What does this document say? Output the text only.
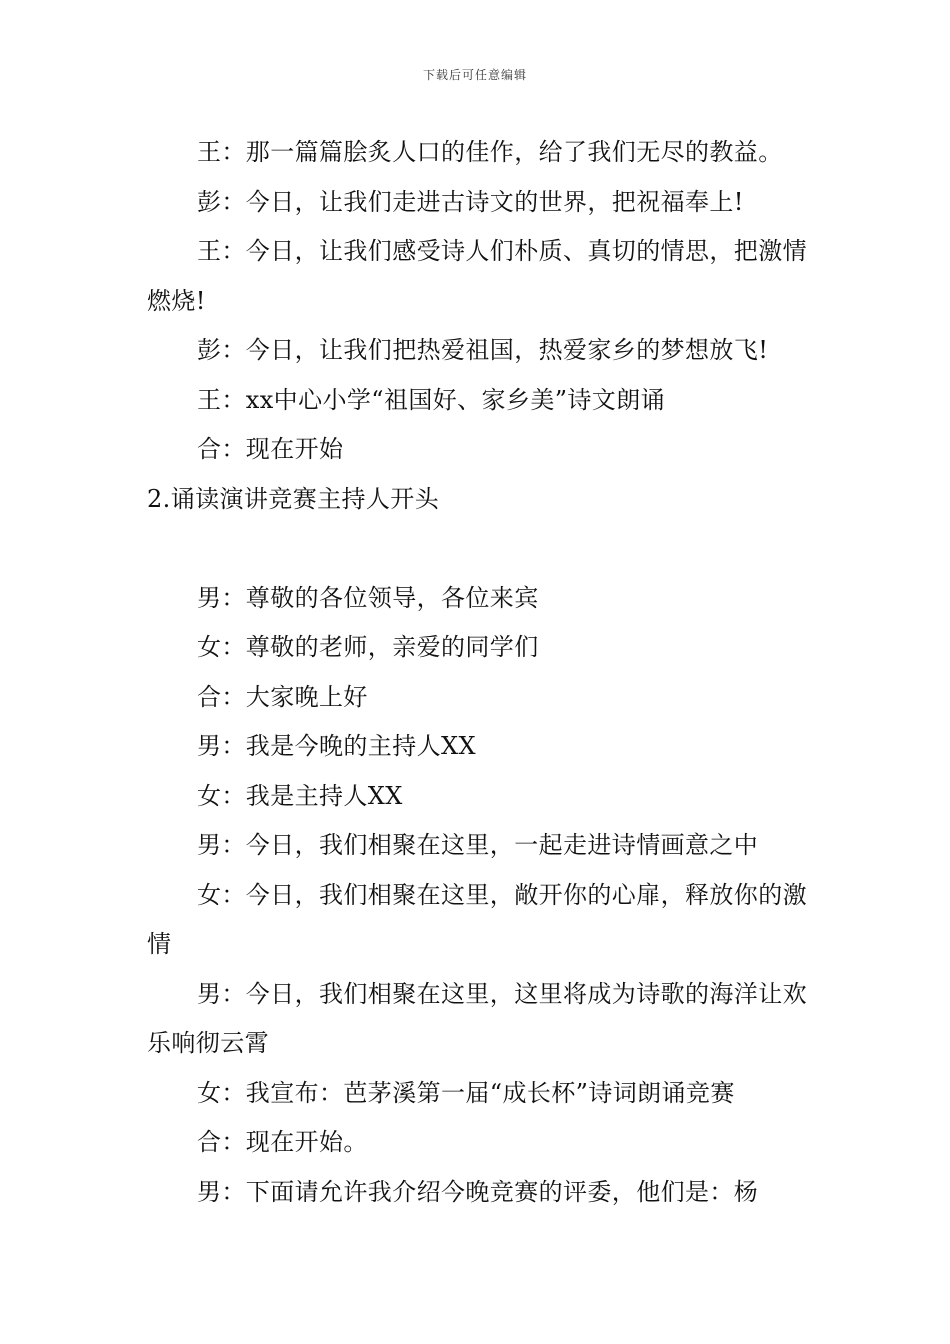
下载后可任意编辑

王：那一篇篇脍炙人口的佳作，给了我们无尽的教益。

彭：今日，让我们走进古诗文的世界，把祝福奉上!

王：今日，让我们感受诗人们朴质、真切的情思，把激情燃烧!

彭：今日，让我们把热爱祖国，热爱家乡的梦想放飞!

王：xx中心小学“祖国好、家乡美”诗文朗诵

合：现在开始

2.诵读演讲竞赛主持人开头

男：尊敬的各位领导，各位来宾

女：尊敬的老师，亲爱的同学们

合：大家晚上好

男：我是今晚的主持人XX

女：我是主持人XX

男：今日，我们相聚在这里，一起走进诗情画意之中

女：今日，我们相聚在这里，敞开你的心扉，释放你的激情

男：今日，我们相聚在这里，这里将成为诗歌的海洋让欢乐响彻云霄

女：我宣布：芭茅溪第一届“成长杯”诗词朗诵竞赛

合：现在开始。

男：下面请允许我介绍今晚竞赛的评委，他们是：杨
